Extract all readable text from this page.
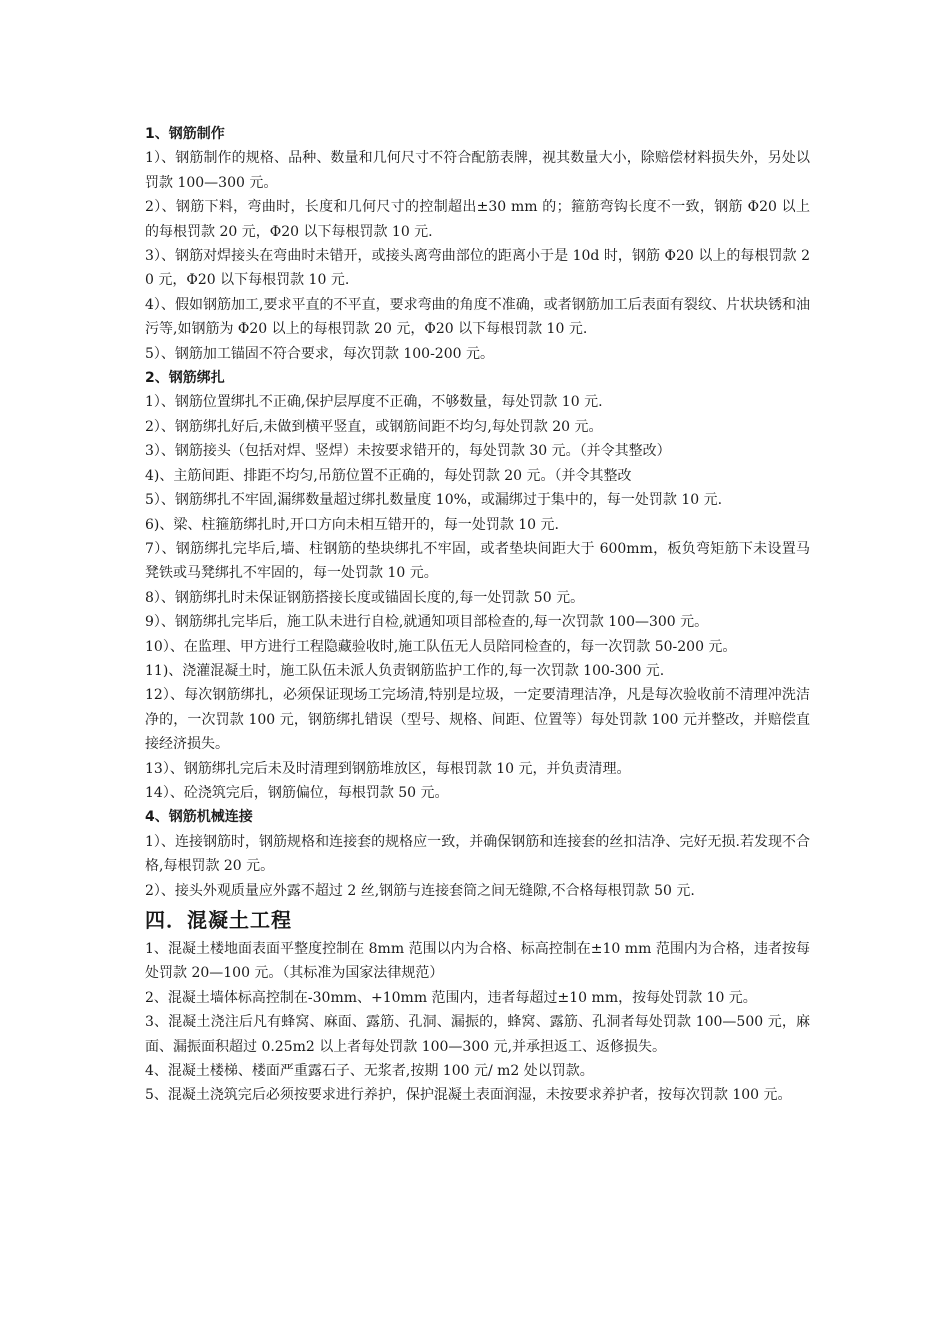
1、钢筋制作
1）、钢筋制作的规格、品种、数量和几何尺寸不符合配筋表牌，视其数量大小，除赔偿材料损失外，另处以罚款 100—300 元。
2）、钢筋下料，弯曲时，长度和几何尺寸的控制超出±30 mm 的；箍筋弯钩长度不一致，钢筋 Φ20 以上的每根罚款 20 元，Φ20 以下每根罚款 10 元.
3）、钢筋对焊接头在弯曲时未错开，或接头离弯曲部位的距离小于是 10d 时，钢筋 Φ20 以上的每根罚款 20 元，Φ20 以下每根罚款 10 元.
4）、假如钢筋加工,要求平直的不平直，要求弯曲的角度不准确，或者钢筋加工后表面有裂纹、片状块锈和油污等,如钢筋为 Φ20 以上的每根罚款 20 元，Φ20 以下每根罚款 10 元.
5）、钢筋加工锚固不符合要求，每次罚款 100-200 元。
2、钢筋绑扎
1）、钢筋位置绑扎不正确,保护层厚度不正确，不够数量，每处罚款 10 元.
2）、钢筋绑扎好后,未做到横平竖直，或钢筋间距不均匀,每处罚款 20 元。
3）、钢筋接头（包括对焊、竖焊）未按要求错开的，每处罚款 30 元。（并令其整改）
4)、主筋间距、排距不均匀,吊筋位置不正确的，每处罚款 20 元。（并令其整改
5）、钢筋绑扎不牢固,漏绑数量超过绑扎数量度 10%，或漏绑过于集中的，每一处罚款 10 元.
6)、梁、柱箍筋绑扎时,开口方向未相互错开的，每一处罚款 10 元.
7）、钢筋绑扎完毕后,墙、柱钢筋的垫块绑扎不牢固，或者垫块间距大于 600mm，板负弯矩筋下未设置马凳铁或马凳绑扎不牢固的，每一处罚款 10 元。
8）、钢筋绑扎时未保证钢筋搭接长度或锚固长度的,每一处罚款 50 元。
9）、钢筋绑扎完毕后，施工队未进行自检,就通知项目部检查的,每一次罚款 100—300 元。
10）、在监理、甲方进行工程隐藏验收时,施工队伍无人员陪同检查的，每一次罚款 50-200 元。
11)、浇灌混凝土时，施工队伍未派人负责钢筋监护工作的,每一次罚款 100-300 元.
12）、每次钢筋绑扎，必须保证现场工完场清,特别是垃圾，一定要清理洁净，凡是每次验收前不清理冲洗洁净的，一次罚款 100 元，钢筋绑扎错误（型号、规格、间距、位置等）每处罚款 100 元并整改，并赔偿直接经济损失。
13）、钢筋绑扎完后未及时清理到钢筋堆放区，每根罚款 10 元，并负责清理。
14）、砼浇筑完后，钢筋偏位，每根罚款 50 元。
4、钢筋机械连接
1）、连接钢筋时，钢筋规格和连接套的规格应一致，并确保钢筋和连接套的丝扣洁净、完好无损.若发现不合格,每根罚款 20 元。
2）、接头外观质量应外露不超过 2 丝,钢筋与连接套筒之间无缝隙,不合格每根罚款 50 元.
四．混凝土工程
1、混凝土楼地面表面平整度控制在 8mm 范围以内为合格、标高控制在±10 mm 范围内为合格，违者按每处罚款 20—100 元。（其标准为国家法律规范）
2、混凝土墙体标高控制在-30mm、+10mm 范围内，违者每超过±10 mm，按每处罚款 10 元。
3、混凝土浇注后凡有蜂窝、麻面、露筋、孔洞、漏振的，蜂窝、露筋、孔洞者每处罚款 100—500 元，麻面、漏振面积超过 0.25m2 以上者每处罚款 100—300 元,并承担返工、返修损失。
4、混凝土楼梯、楼面严重露石子、无浆者,按期 100 元/ m2 处以罚款。
5、混凝土浇筑完后必须按要求进行养护，保护混凝土表面润湿，未按要求养护者，按每次罚款 100 元。
